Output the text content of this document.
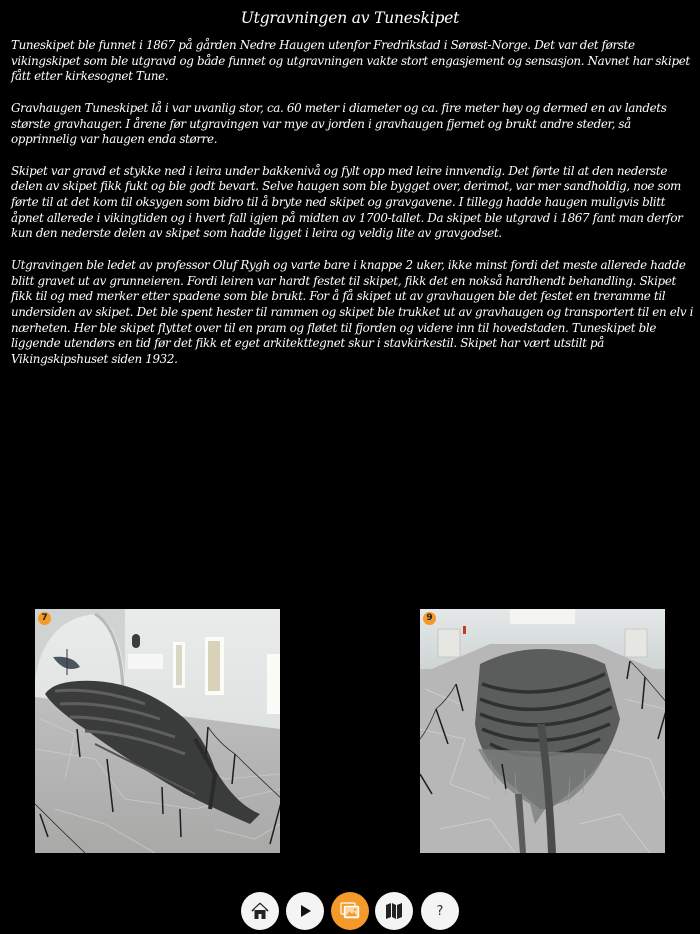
Utgravningen av Tuneskipet

Tuneskipet ble funnet i 1867 på gården Nedre Haugen utenfor Fredrikstad i Sørøst-Norge. Det var det første vikingskipet som ble utgravd og både funnet og utgravningen vakte stort engasjement og sensasjon. Navnet har skipet fått etter kirkesognet Tune.

Gravhaugen Tuneskipet lå i var uvanlig stor, ca. 60 meter i diameter og ca. fire meter høy og dermed en av landets største gravhauger. I årene før utgravingen var mye av jorden i gravhaugen fjernet og brukt andre steder, så opprinnelig var haugen enda større.

Skipet var gravd et stykke ned i leira under bakkenivå og fylt opp med leire innvendig. Det førte til at den nederste delen av skipet fikk fukt og ble godt bevart. Selve haugen som ble bygget over, derimot, var mer sandholdig, noe som førte til at det kom til oksygen som bidro til å bryte ned skipet og gravgavene. I tillegg hadde haugen muligvis blitt åpnet allerede i vikingtiden og i hvert fall igjen på midten av 1700-tallet. Da skipet ble utgravd i 1867 fant man derfor kun den nederste delen av skipet som hadde ligget i leira og veldig lite av gravgodset.

Utgravingen ble ledet av professor Oluf Rygh og varte bare i knappe 2 uker, ikke minst fordi det meste allerede hadde blitt gravet ut av grunneieren. Fordi leiren var hardt festet til skipet, fikk det en nokså hardhendt behandling. Skipet fikk til og med merker etter spadene som ble brukt. For å få skipet ut av gravhaugen ble det festet en treramme til undersiden av skipet. Det ble spent hester til rammen og skipet ble trukket ut av gravhaugen og transportert til en elv i nærheten. Her ble skipet flyttet over til en pram og fløtet til fjorden og videre inn til hovedstaden. Tuneskipet ble liggende utendørs en tid før det fikk et eget arkitekttegnet skur i stavkirkestil. Skipet har vært utstilt på Vikingskipshuset siden 1932.

7	9
?
